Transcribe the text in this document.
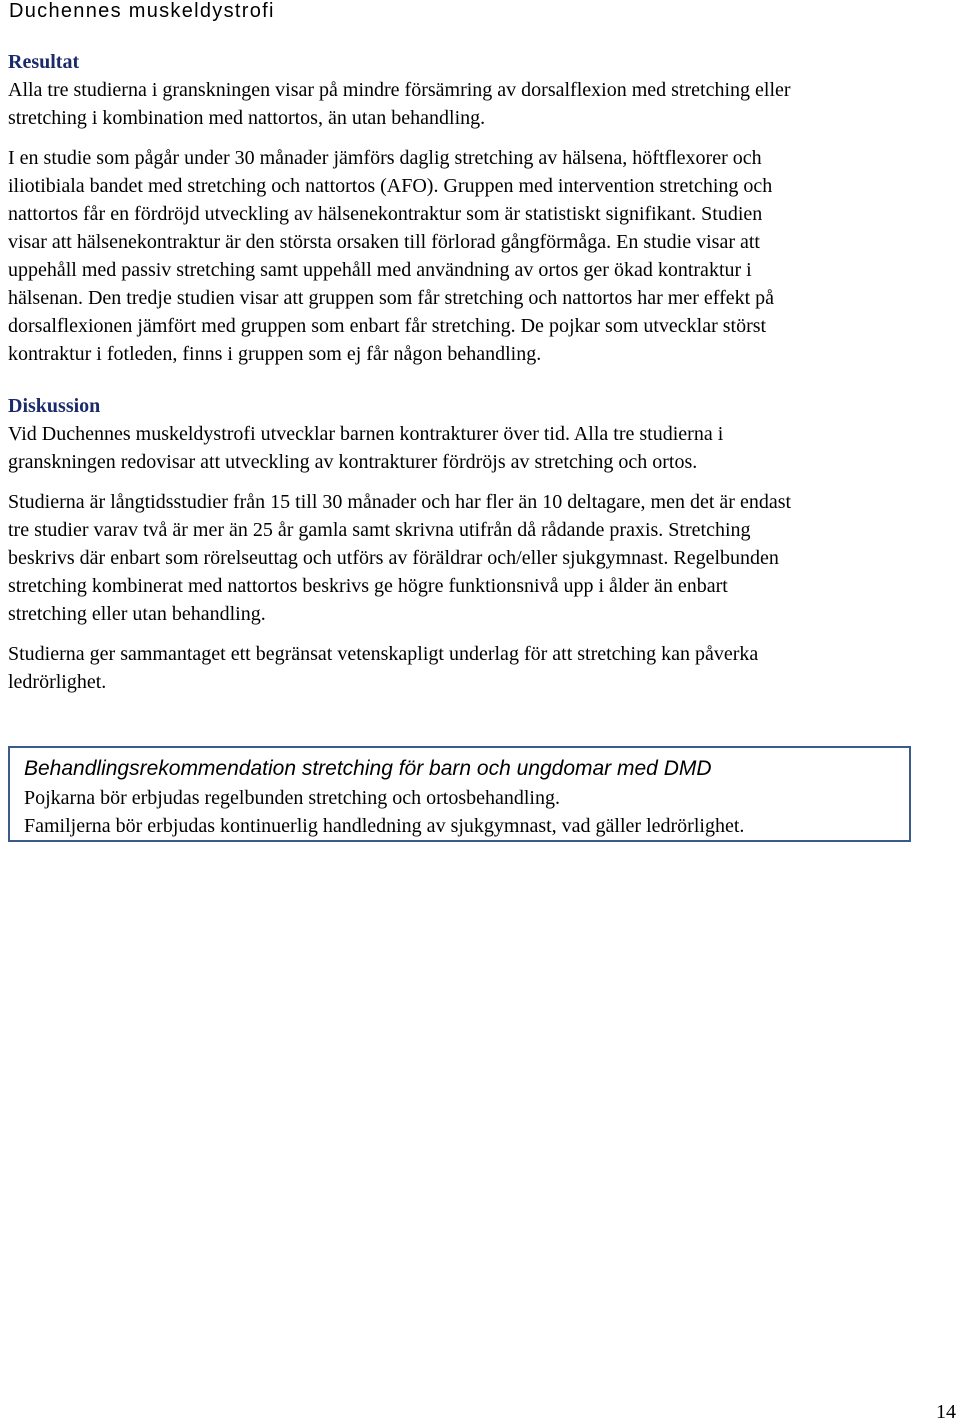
Duchennes muskeldystrofi
Resultat

Alla tre studierna i granskningen visar på mindre försämring av dorsalflexion med stretching eller
stretching i kombination med nattortos, än utan behandling.

I en studie som pågår under 30 månader jämförs daglig stretching av hälsena, höftflexorer och
iliotibiala bandet med stretching och nattortos (AFO). Gruppen med intervention stretching och
nattortos får en fördröjd utveckling av hälsenekontraktur som är statistiskt signifikant. Studien
visar att hälsenekontraktur är den största orsaken till förlorad gångförmåga. En studie visar att
uppehåll med passiv stretching samt uppehåll med användning av ortos ger ökad kontraktur i
hälsenan. Den tredje studien visar att gruppen som får stretching och nattortos har mer effekt på
dorsalflexionen jämfört med gruppen som enbart får stretching. De pojkar som utvecklar störst
kontraktur i fotleden, finns i gruppen som ej får någon behandling.

Diskussion

Vid Duchennes muskeldystrofi utvecklar barnen kontrakturer över tid. Alla tre studierna i
granskningen redovisar att utveckling av kontrakturer fördröjs av stretching och ortos.

Studierna är långtidsstudier från 15 till 30 månader och har fler än 10 deltagare, men det är endast
tre studier varav två är mer än 25 år gamla samt skrivna utifrån då rådande praxis. Stretching
beskrivs där enbart som rörelseuttag och utförs av föräldrar och/eller sjukgymnast. Regelbunden
stretching kombinerat med nattortos beskrivs ge högre funktionsnivå upp i ålder än enbart
stretching eller utan behandling.

Studierna ger sammantaget ett begränsat vetenskapligt underlag för att stretching kan påverka
ledrörlighet.

Behandlingsrekommendation stretching för barn och ungdomar med DMD

Pojkarna bör erbjudas regelbunden stretching och ortosbehandling.

Familjerna bör erbjudas kontinuerlig handledning av sjukgymnast, vad gäller ledrörlighet.

14
